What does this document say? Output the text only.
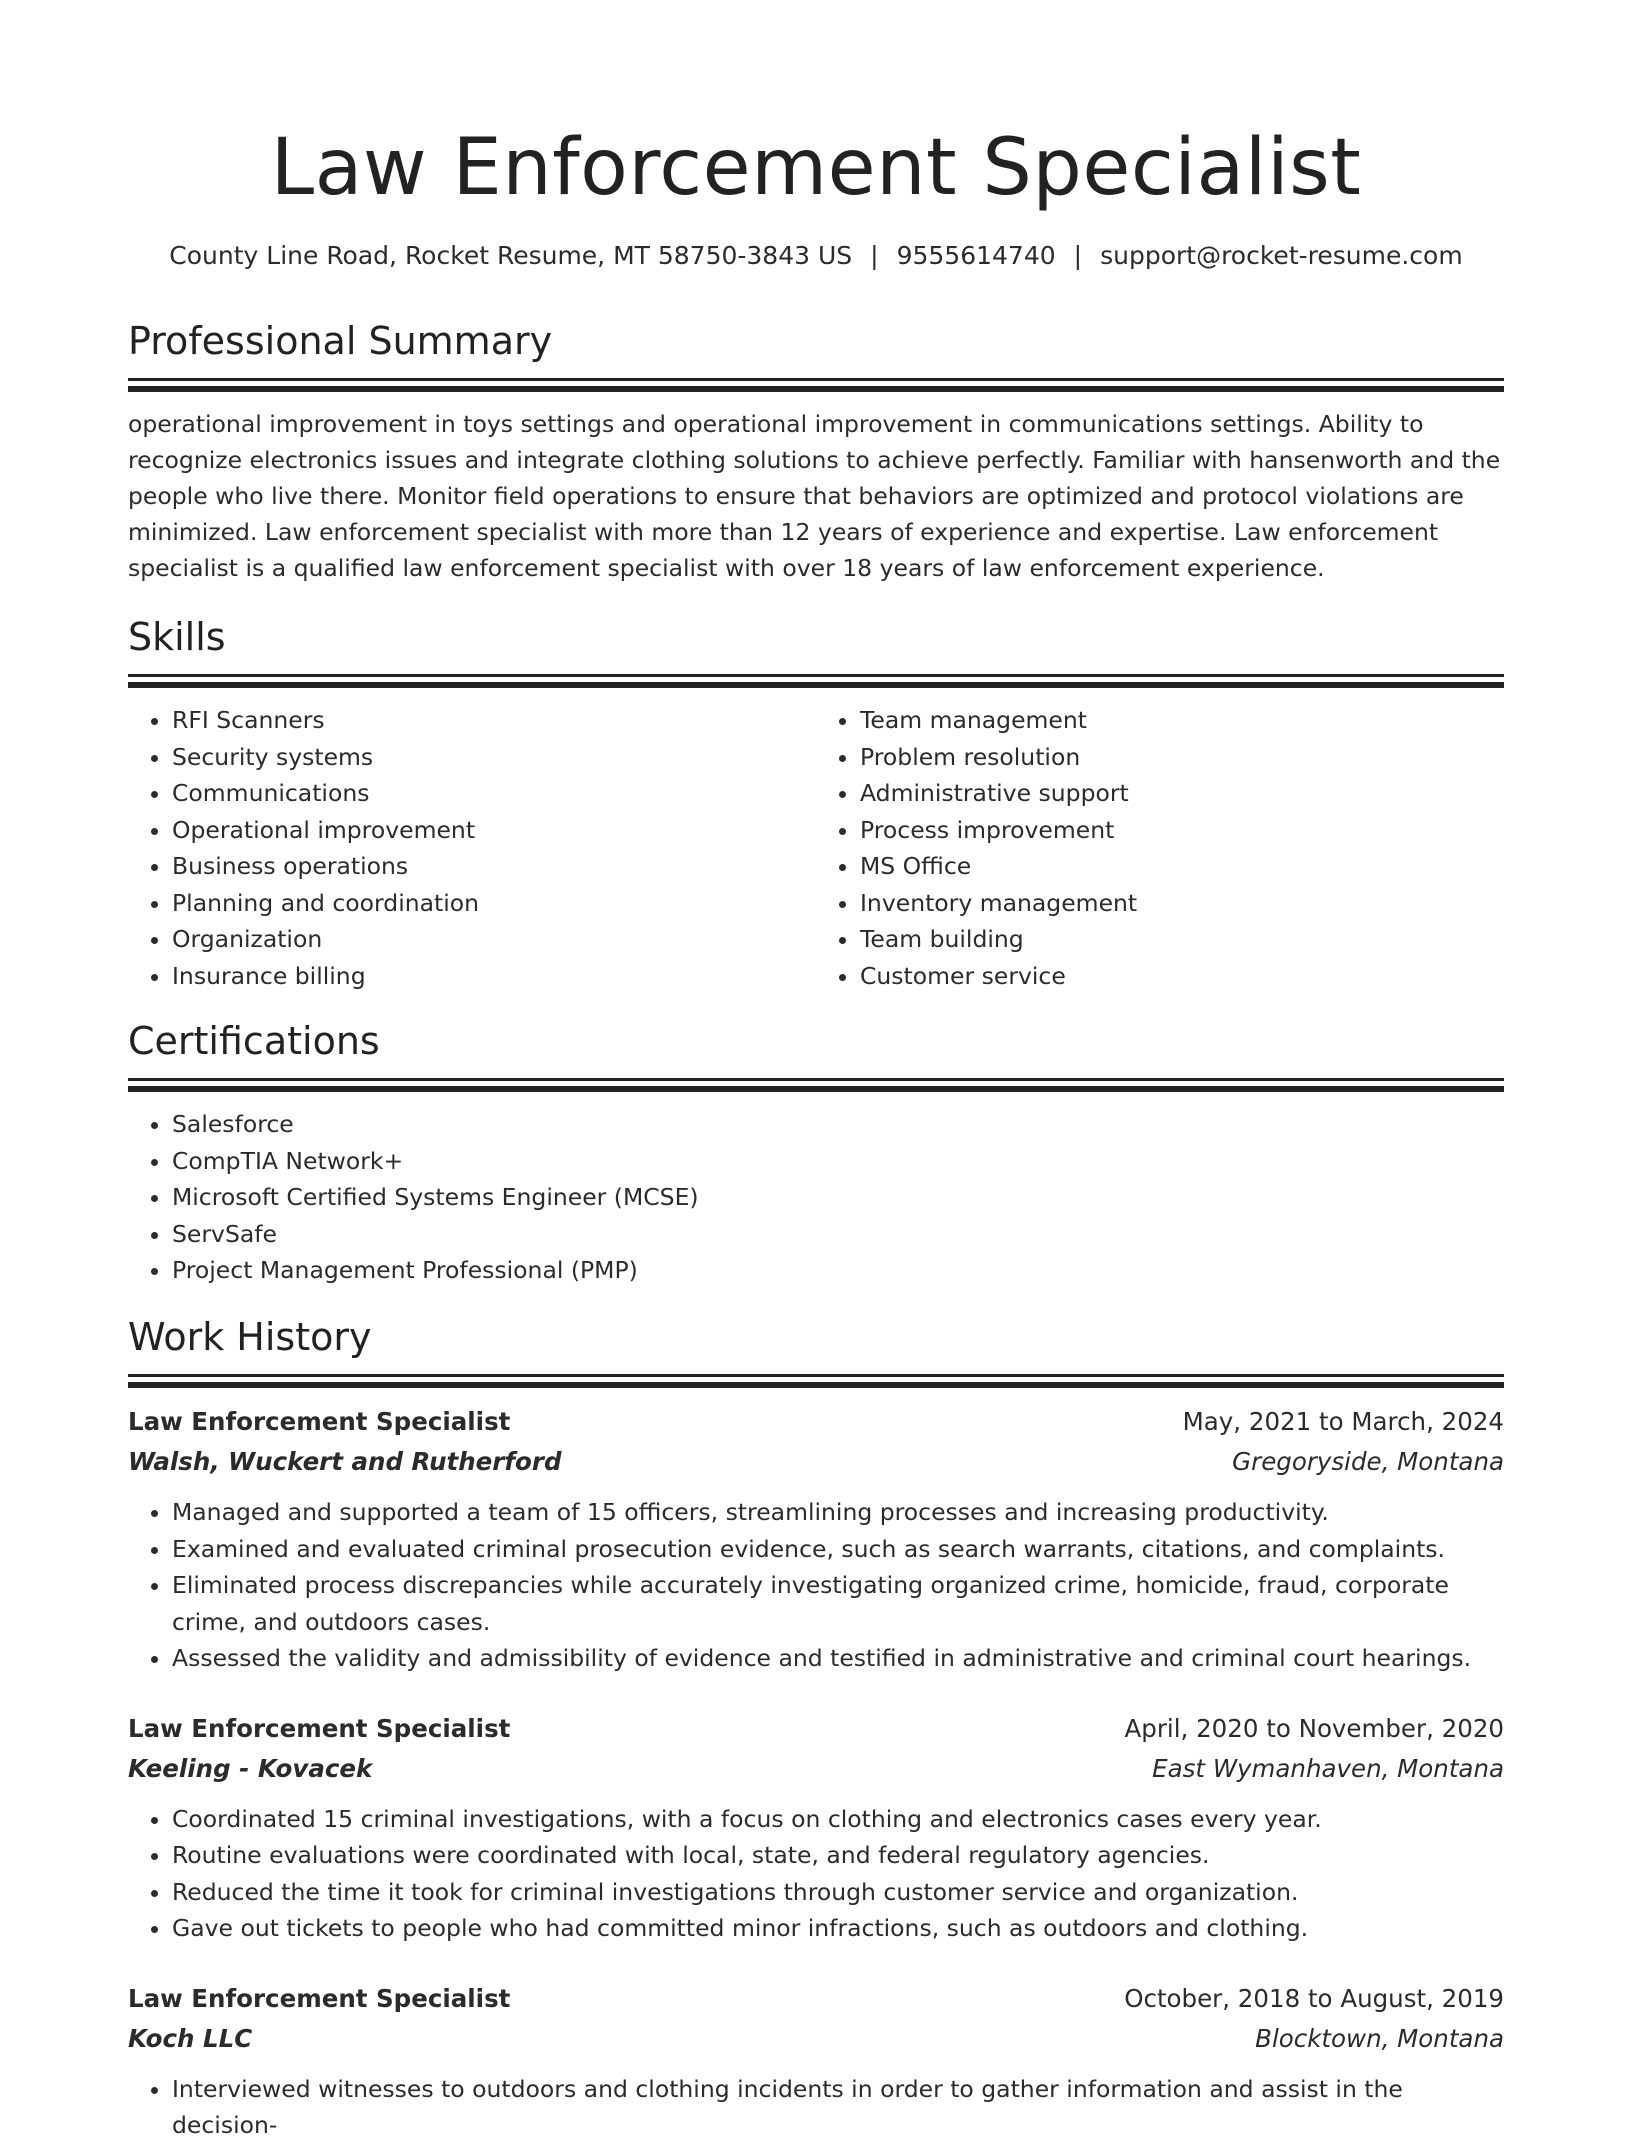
Law Enforcement Specialist
County Line Road, Rocket Resume, MT 58750-3843 US | 9555614740 | support@rocket-resume.com
Professional Summary
operational improvement in toys settings and operational improvement in communications settings. Ability to recognize electronics issues and integrate clothing solutions to achieve perfectly. Familiar with hansenworth and the people who live there. Monitor field operations to ensure that behaviors are optimized and protocol violations are minimized. Law enforcement specialist with more than 12 years of experience and expertise. Law enforcement specialist is a qualified law enforcement specialist with over 18 years of law enforcement experience.
Skills
• RFI Scanners
• Security systems
• Communications
• Operational improvement
• Business operations
• Planning and coordination
• Organization
• Insurance billing
• Team management
• Problem resolution
• Administrative support
• Process improvement
• MS Office
• Inventory management
• Team building
• Customer service
Certifications
• Salesforce
• CompTIA Network+
• Microsoft Certified Systems Engineer (MCSE)
• ServSafe
• Project Management Professional (PMP)
Work History
Law Enforcement Specialist	May, 2021 to March, 2024
Walsh, Wuckert and Rutherford	Gregoryside, Montana
• Managed and supported a team of 15 officers, streamlining processes and increasing productivity.
• Examined and evaluated criminal prosecution evidence, such as search warrants, citations, and complaints.
• Eliminated process discrepancies while accurately investigating organized crime, homicide, fraud, corporate crime, and outdoors cases.
• Assessed the validity and admissibility of evidence and testified in administrative and criminal court hearings.
Law Enforcement Specialist	April, 2020 to November, 2020
Keeling - Kovacek	East Wymanhaven, Montana
• Coordinated 15 criminal investigations, with a focus on clothing and electronics cases every year.
• Routine evaluations were coordinated with local, state, and federal regulatory agencies.
• Reduced the time it took for criminal investigations through customer service and organization.
• Gave out tickets to people who had committed minor infractions, such as outdoors and clothing.
Law Enforcement Specialist	October, 2018 to August, 2019
Koch LLC	Blocktown, Montana
• Interviewed witnesses to outdoors and clothing incidents in order to gather information and assist in the decision-
